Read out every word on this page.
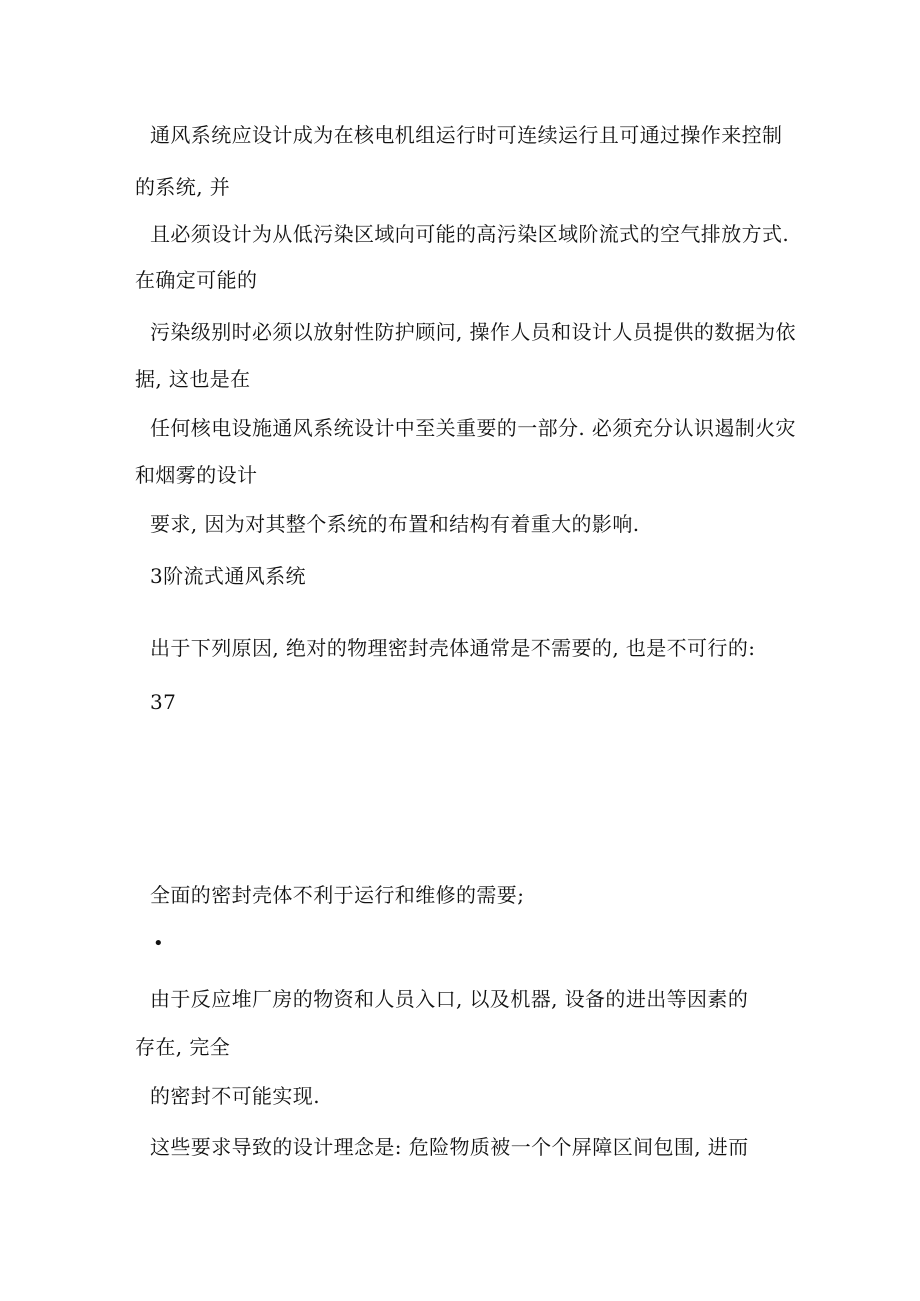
通风系统应设计成为在核电机组运行时可连续运行且可通过操作来控制
的系统, 并
且必须设计为从低污染区域向可能的高污染区域阶流式的空气排放方式.
在确定可能的
污染级别时必须以放射性防护顾问, 操作人员和设计人员提供的数据为依
据, 这也是在
任何核电设施通风系统设计中至关重要的一部分. 必须充分认识遏制火灾
和烟雾的设计
要求, 因为对其整个系统的布置和结构有着重大的影响.
3阶流式通风系统
出于下列原因, 绝对的物理密封壳体通常是不需要的, 也是不可行的:
37
全面的密封壳体不利于运行和维修的需要;
•
由于反应堆厂房的物资和人员入口, 以及机器, 设备的进出等因素的
存在, 完全
的密封不可能实现.
这些要求导致的设计理念是: 危险物质被一个个屏障区间包围, 进而
